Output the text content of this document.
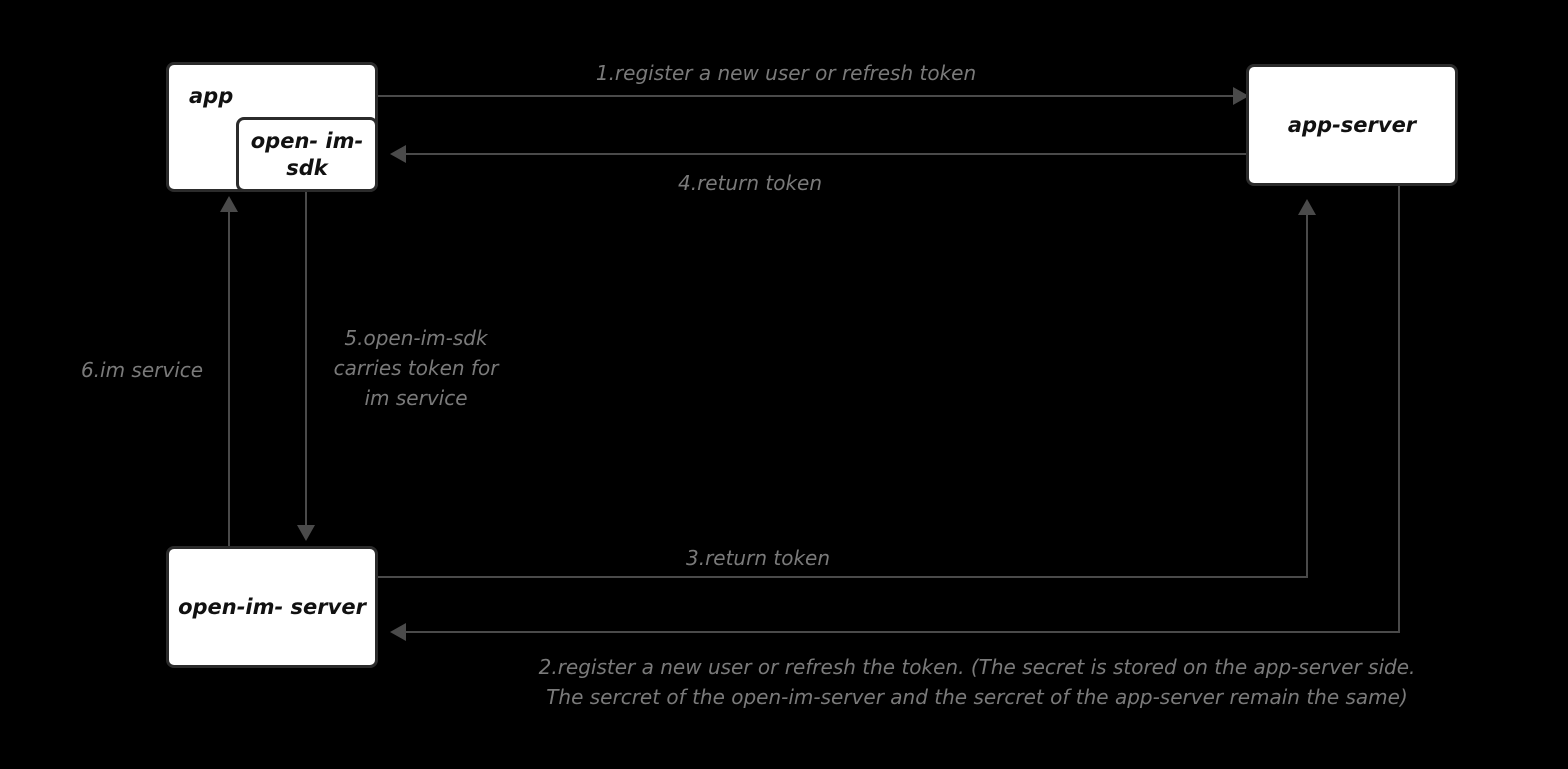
1.register a new user or refresh token
4.return token
2.register a new user or refresh the token. (The secret is stored on the app-server side.
The sercret of the open-im-server and the sercret of the app-server remain the same)
3.return token
5.open-im-sdk
carries token for
im service
6.im service
app
open- im-sdk
app-server
open-im- server
